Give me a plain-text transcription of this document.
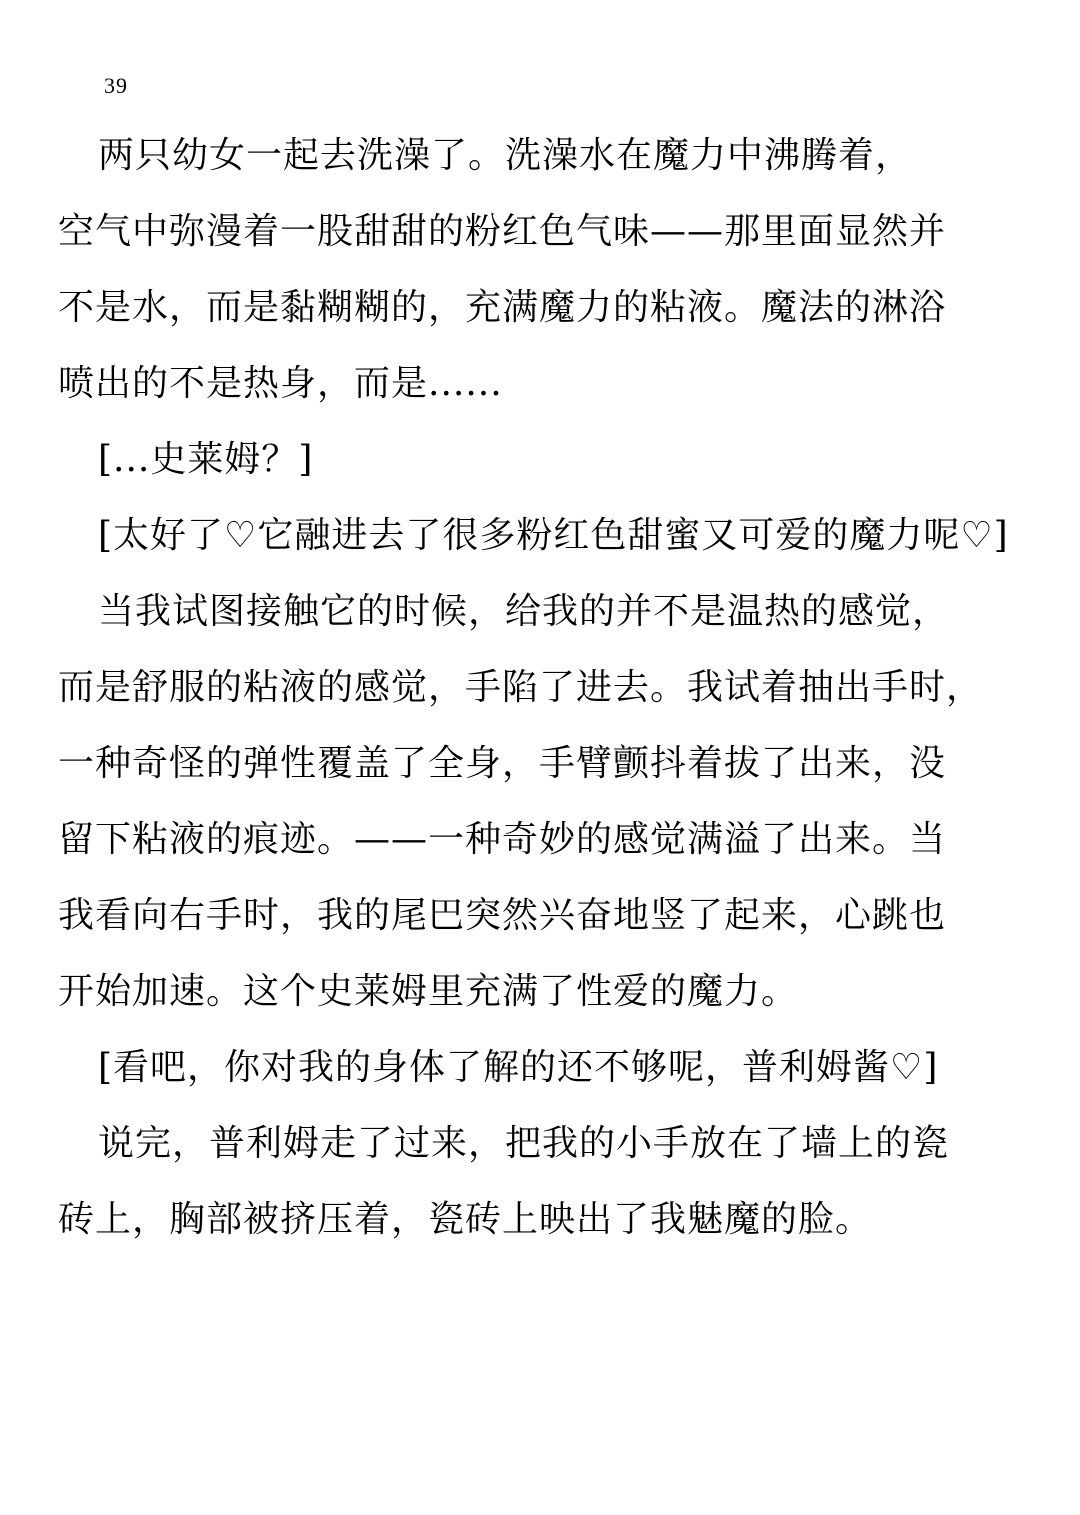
39
两只幼女一起去洗澡了。洗澡水在魔力中沸腾着，
空气中弥漫着一股甜甜的粉红色气味——那里面显然并
不是水，而是黏糊糊的，充满魔力的粘液。魔法的淋浴
喷出的不是热身，而是......
[...史莱姆？]
[太好了♡它融进去了很多粉红色甜蜜又可爱的魔力呢♡]
当我试图接触它的时候，给我的并不是温热的感觉，
而是舒服的粘液的感觉，手陷了进去。我试着抽出手时，
一种奇怪的弹性覆盖了全身，手臂颤抖着拔了出来，没
留下粘液的痕迹。——一种奇妙的感觉满溢了出来。当
我看向右手时，我的尾巴突然兴奋地竖了起来，心跳也
开始加速。这个史莱姆里充满了性爱的魔力。
[看吧，你对我的身体了解的还不够呢，普利姆酱♡]
说完，普利姆走了过来，把我的小手放在了墙上的瓷
砖上，胸部被挤压着，瓷砖上映出了我魅魔的脸。
